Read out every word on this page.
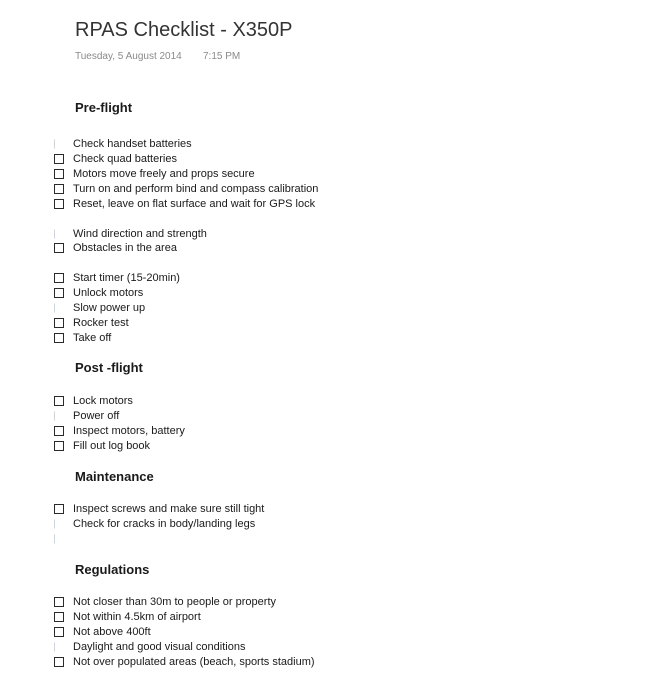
RPAS Checklist - X350P
Tuesday, 5 August 2014 7:15 PM
Pre-flight
Check handset batteries
Check quad batteries
Motors move freely and props secure
Turn on and perform bind and compass calibration
Reset, leave on flat surface and wait for GPS lock
Wind direction and strength
Obstacles in the area
Start timer (15-20min)
Unlock motors
Slow power up
Rocker test
Take off
Post -flight
Lock motors
Power off
Inspect motors, battery
Fill out log book
Maintenance
Inspect screws and make sure still tight
Check for cracks in body/landing legs
Regulations
Not closer than 30m to people or property
Not within 4.5km of airport
Not above 400ft
Daylight and good visual conditions
Not over populated areas (beach, sports stadium)
